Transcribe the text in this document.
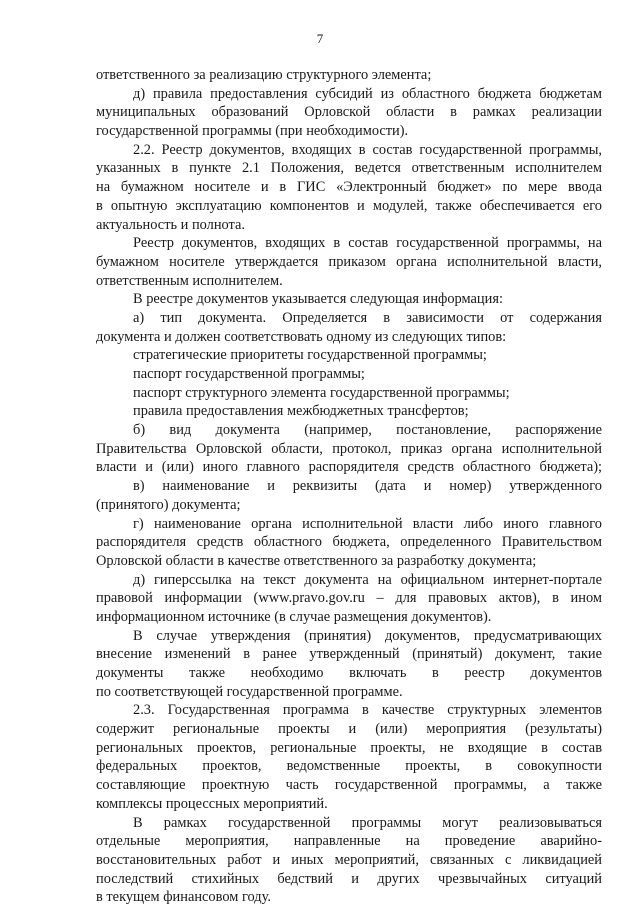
7
ответственного за реализацию структурного элемента;
д) правила предоставления субсидий из областного бюджета бюджетам
муниципальных образований Орловской области в рамках реализации
государственной программы (при необходимости).
2.2. Реестр документов, входящих в состав государственной программы,
указанных в пункте 2.1 Положения, ведется ответственным исполнителем
на бумажном носителе и в ГИС «Электронный бюджет» по мере ввода
в опытную эксплуатацию компонентов и модулей, также обеспечивается его
актуальность и полнота.
Реестр документов, входящих в состав государственной программы, на
бумажном носителе утверждается приказом органа исполнительной власти,
ответственным исполнителем.
В реестре документов указывается следующая информация:
а) тип документа. Определяется в зависимости от содержания
документа и должен соответствовать одному из следующих типов:
стратегические приоритеты государственной программы;
паспорт государственной программы;
паспорт структурного элемента государственной программы;
правила предоставления межбюджетных трансфертов;
б) вид документа (например, постановление, распоряжение
Правительства Орловской области, протокол, приказ органа исполнительной
власти и (или) иного главного распорядителя средств областного бюджета);
в) наименование и реквизиты (дата и номер) утвержденного
(принятого) документа;
г) наименование органа исполнительной власти либо иного главного
распорядителя средств областного бюджета, определенного Правительством
Орловской области в качестве ответственного за разработку документа;
д) гиперссылка на текст документа на официальном интернет-портале
правовой информации (www.pravo.gov.ru – для правовых актов), в ином
информационном источнике (в случае размещения документов).
В случае утверждения (принятия) документов, предусматривающих
внесение изменений в ранее утвержденный (принятый) документ, такие
документы также необходимо включать в реестр документов
по соответствующей государственной программе.
2.3. Государственная программа в качестве структурных элементов
содержит региональные проекты и (или) мероприятия (результаты)
региональных проектов, региональные проекты, не входящие в состав
федеральных проектов, ведомственные проекты, в совокупности
составляющие проектную часть государственной программы, а также
комплексы процессных мероприятий.
В рамках государственной программы могут реализовываться
отдельные мероприятия, направленные на проведение аварийно-
восстановительных работ и иных мероприятий, связанных с ликвидацией
последствий стихийных бедствий и других чрезвычайных ситуаций
в текущем финансовом году.
